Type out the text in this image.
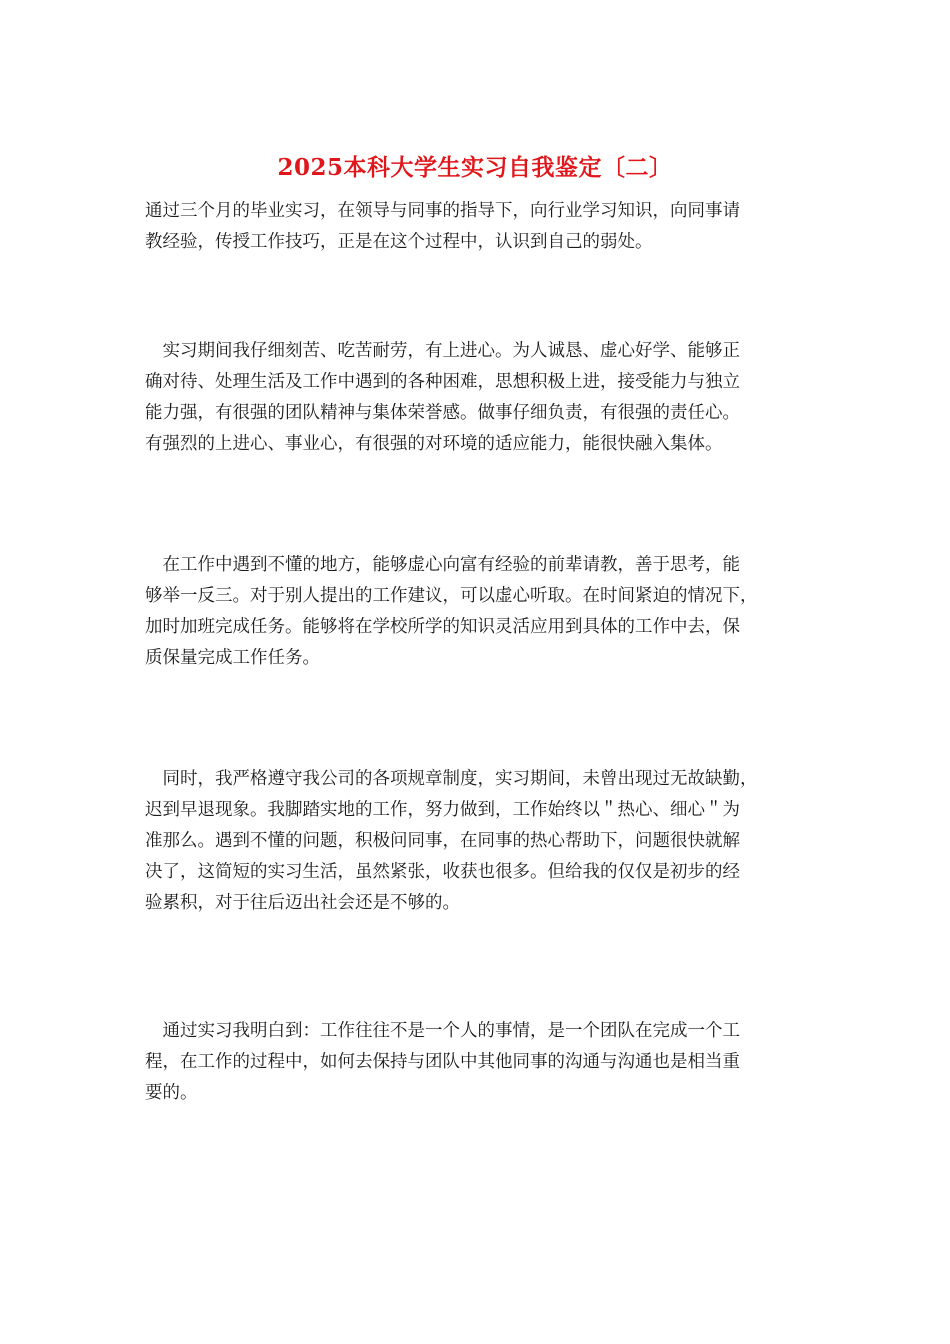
2025本科大学生实习自我鉴定〔二〕
通过三个月的毕业实习，在领导与同事的指导下，向行业学习知识，向同事请
教经验，传授工作技巧，正是在这个过程中，认识到自己的弱处。
　实习期间我仔细刻苦、吃苦耐劳，有上进心。为人诚恳、虚心好学、能够正
确对待、处理生活及工作中遇到的各种困难，思想积极上进，接受能力与独立
能力强，有很强的团队精神与集体荣誉感。做事仔细负责，有很强的责任心。
有强烈的上进心、事业心，有很强的对环境的适应能力，能很快融入集体。
　在工作中遇到不懂的地方，能够虚心向富有经验的前辈请教，善于思考，能
够举一反三。对于别人提出的工作建议，可以虚心听取。在时间紧迫的情况下，
加时加班完成任务。能够将在学校所学的知识灵活应用到具体的工作中去，保
质保量完成工作任务。
　同时，我严格遵守我公司的各项规章制度，实习期间，未曾出现过无故缺勤，
迟到早退现象。我脚踏实地的工作，努力做到，工作始终以＂热心、细心＂为
准那么。遇到不懂的问题，积极问同事，在同事的热心帮助下，问题很快就解
决了，这简短的实习生活，虽然紧张，收获也很多。但给我的仅仅是初步的经
验累积，对于往后迈出社会还是不够的。
　通过实习我明白到：工作往往不是一个人的事情，是一个团队在完成一个工
程，在工作的过程中，如何去保持与团队中其他同事的沟通与沟通也是相当重
要的。
